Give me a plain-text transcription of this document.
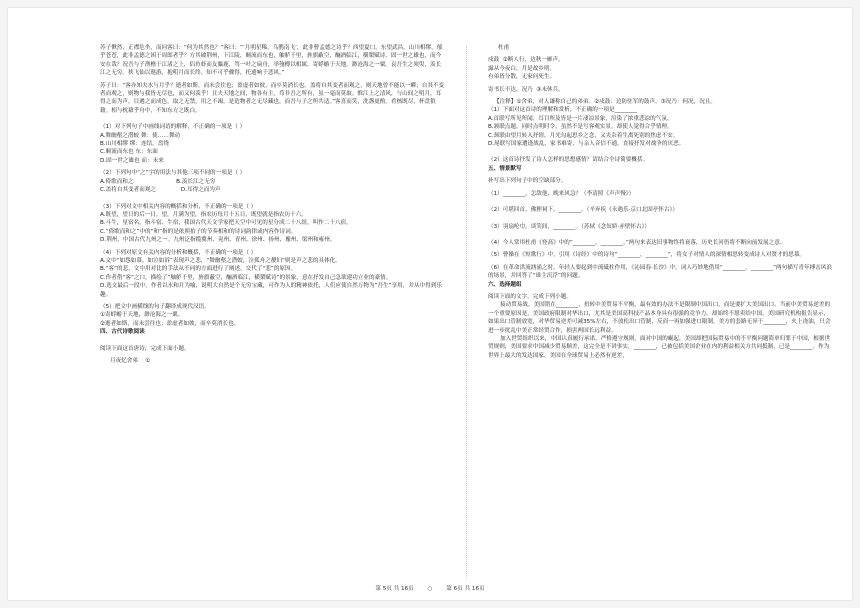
苏子愀然，正襟危坐，而问客曰：“何为其然也？”客曰：“‘月明星稀，乌鹊南飞’，此非曹孟德之诗乎？西望夏口，东望武昌，山川相缪，郁乎苍苍，此非孟德之困于周郎者乎？方其破荆州，下江陵，顺流而东也，舳舻千里，旌旗蔽空，酾酒临江，横槊赋诗，固一世之雄也，而今安在哉？况吾与子渔樵于江渚之上，侣鱼虾而友麋鹿，驾一叶之扁舟，举匏樽以相属。寄蜉蝣于天地，渺沧海之一粟。哀吾生之须臾，羡长江之无穷。挟飞仙以遨游，抱明月而长终。知不可乎骤得，托遗响于悲风。”

苏子曰：“客亦知夫水与月乎？逝者如斯，而未尝往也；盈虚者如彼，而卒莫消长也。盖将自其变者而观之，则天地曾不能以一瞬；自其不变者而观之，则物与我皆无尽也，而又何羡乎！且夫天地之间，物各有主，苟非吾之所有，虽一毫而莫取。惟江上之清风，与山间之明月，耳得之而为声，目遇之而成色，取之无禁，用之不竭。是造物者之无尽藏也，而吾与子之所共适。”客喜而笑，洗盏更酌。肴核既尽，杯盘狼籍。相与枕藉乎舟中，不知东方之既白。

（1）对下列句子中画线词语的解释，不正确的一项是（ ）

A.舞幽壑之潜蛟 舞：使……舞动

B.山川相缪 缪：连结，盘绕

C.顺流而东也 东：东面

D.固一世之雄也 而：未来

（2）下列句中“之”字的用法与其他三项不同的一项是（ ）

A.倚歌而和之                        B.羡长江之无穷

C.盖将自其变者而观之              D.耳得之而为声

（3）下列对文中相关内容的概括和分析，不正确的一项是（ ）

A.既望，望日的后一日。望，月满为望，指农历每月十五日，既望就是指农历十六。

B.斗牛，星宿名，指斗宿、牛宿，我国古代天文学家把天空中可见的星分成二十八组，叫作二十八宿。

C.“倚歌而和之”中的“和”指的是依照拍子的节奏相和的诗词韵律或内容作诗词。

D.荆州，中国古代九州之一。九州泛指揽冀州、兖州、青州、徐州、扬州、豫州、梁州和雍州。

（4）下列对原文有关内容的分析和概括，不正确的一项是（ ）

A.文中“如怨如慕，如泣如诉”表现声之悲，“舞幽壑之潜蛟，泣孤舟之嫠妇”则是声之悲的具体化。

B.“客”的悲，文中用对比的手法从不同的方面进行了阐述，交代了“悲”的原因。

C.作者借“客”之口，描绘了“舳舻千里，旌旗蔽空，酾酒临江，横槊赋诗”的景象，意在抒发自己急欲建功立业的豪情。

D.选文最后一段中，作者以水和月为喻，说明大自然是个无穷宝藏，可作为人的精神依托，人们应使自然万物为“吾生”享用，并从中得到乐趣。

（5）把文中画横线的句子翻译成现代汉语。

①寄蜉蝣于天地，渺沧海之一粟。

②逝者如斯，而未尝往也；盈虚者如彼，而卒莫消长也。

四、古代诗歌阅读

阅读下面这首唐诗，完成下面小题。

月夜忆舍弟    ①

杜甫

戍鼓  ②断人行，边秋一雁声。

露从今夜白，月是故乡明。

有弟皆分散，无家问死生。

寄书长不达，况乃  ③未休兵。

【注释】①舍弟，对人谦称自己的弟弟。②戍鼓：边防驻军的鼓声。③况乃：何况，况且。

（1）下面对这首诗的理解和赏析，不正确的一项是________

A.首联写所见所闻，耳目所及皆是一片凄凉景象，渲染了浓重悲凉的气氛。

B.颔联点题，同时点明时令，虽然不是写客观实景，却使人觉得合乎情理。

C.颈联由望月转入抒情，月光勾起思乡之念，又夹杂着生离死别的焦虑不安。

D.尾联写国家遭逢战乱，家书难寄，与亲人音信不通，直接抒发对战争的厌恶。

（2）这首诗抒发了诗人怎样的思想感情？请结合全诗简要概括。

五、情景默写

补写出下列句子中的空缺部分。

（1）________，怎敌他，晚来风急？（李清照《声声慢》）

（2）可堪回首，佛狸祠下，________。（辛弃疾《永遇乐·京口北固亭怀古》）

（3）羽扇纶巾，谈笑间，________。（苏轼《念奴娇·赤壁怀古》）

（4）今人常用杜甫《登高》中的“________，________。”两句来表达旧事物终将衰落，历史长河仍将不断向前发展之意。

（5）曹操在《短歌行》中，引用《诗经》中的诗句“________，________”，将女子对情人的深情相思转变成诗人对贤才的思慕。

（6）在革命洪流汹涌之时，年轻人要起到中流砥柱作用，《沁园春·长沙》中，词人巧妙地借用“________，________”两句描写青年搏击风浪的场景，并回答了“谁主沉浮”的问题。

六、选择题组

阅读下面的文字，完成下列小题。

接动贸易战，美国错在________，扭转中美贸易不平衡，最有效的办法不是限制中国出口，而是要扩大美国出口。当前中美贸易逆差的一个重要原因是，美国政府限制对华出口，尤其是美国高科技产品本身具有很强的竞争力，却始终不愿卖给中国，美国研究机构报告显示，如果出口管制放宽，对华贸易逆差可减35%左右，不放松出口管制，反而一再加强进口限制，美方的套路无异于________，火上浇油，只会进一步扰乱中美正常经贸合作，损害两国长远利益。

加入世贸组织以来，中国认真履行承诺，严格遵守规则，面对中国的崛起，美国却把国际贸易中的不平衡问题简单归罪于中国，根据世贸规则，美国要求中国减少贸易顺差，这完全是不讲事实，________，已被包括美国企业在内的利益相关方共同抵制，已是________。作为世界上最大的发达国家，美国在全球贸易上必然有逆差，

第 5页 共 16页 ○ 第 6页 共 16页
